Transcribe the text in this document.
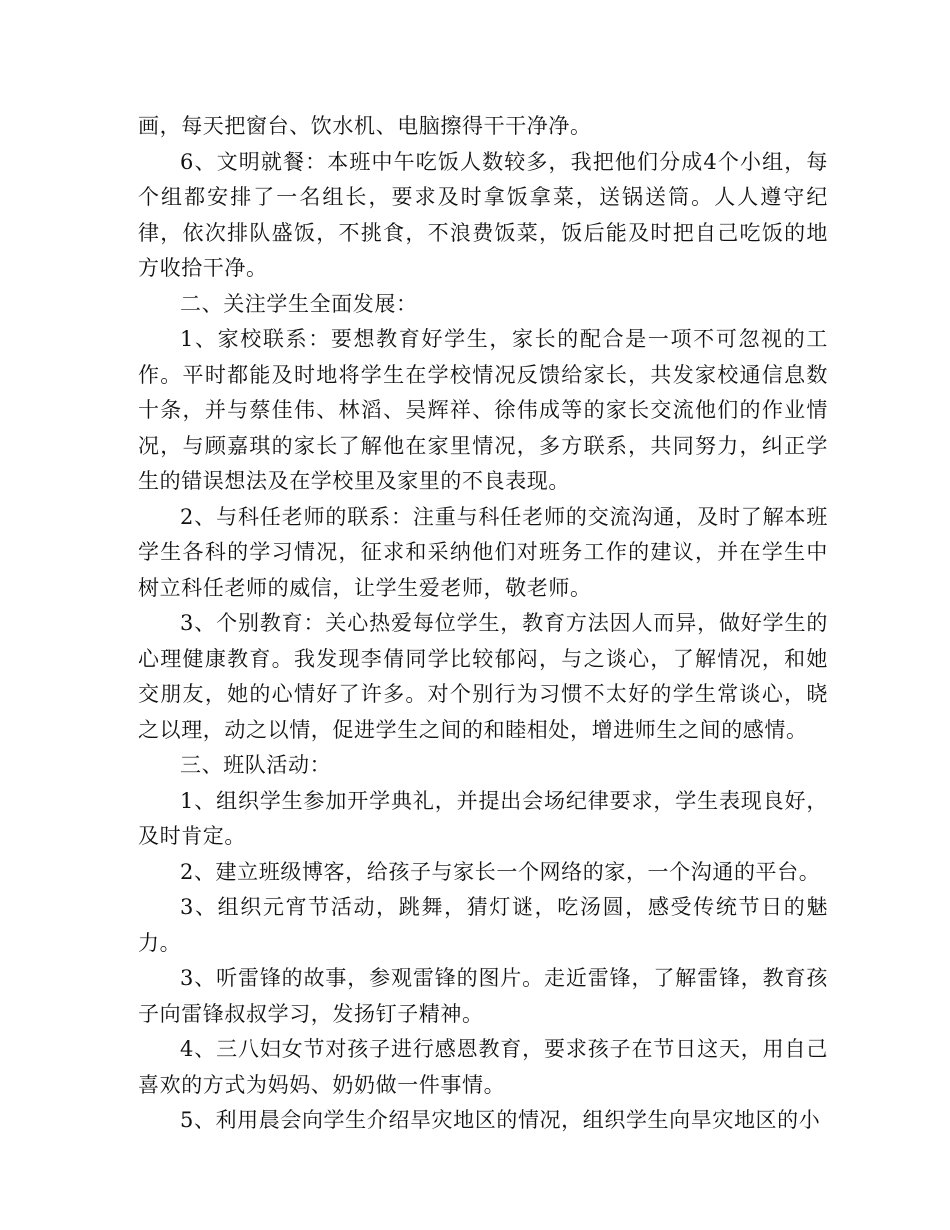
画，每天把窗台、饮水机、电脑擦得干干净净。

6、文明就餐：本班中午吃饭人数较多，我把他们分成4个小组，每个组都安排了一名组长，要求及时拿饭拿菜，送锅送筒。人人遵守纪律，依次排队盛饭，不挑食，不浪费饭菜，饭后能及时把自己吃饭的地方收拾干净。

二、关注学生全面发展：

1、家校联系：要想教育好学生，家长的配合是一项不可忽视的工作。平时都能及时地将学生在学校情况反馈给家长，共发家校通信息数十条，并与蔡佳伟、林滔、吴辉祥、徐伟成等的家长交流他们的作业情况，与顾嘉琪的家长了解他在家里情况，多方联系，共同努力，纠正学生的错误想法及在学校里及家里的不良表现。

2、与科任老师的联系：注重与科任老师的交流沟通，及时了解本班学生各科的学习情况，征求和采纳他们对班务工作的建议，并在学生中树立科任老师的威信，让学生爱老师，敬老师。

3、个别教育：关心热爱每位学生，教育方法因人而异，做好学生的心理健康教育。我发现李倩同学比较郁闷，与之谈心，了解情况，和她交朋友，她的心情好了许多。对个别行为习惯不太好的学生常谈心，晓之以理，动之以情，促进学生之间的和睦相处，增进师生之间的感情。

三、班队活动：

1、组织学生参加开学典礼，并提出会场纪律要求，学生表现良好，及时肯定。

2、建立班级博客，给孩子与家长一个网络的家，一个沟通的平台。

3、组织元宵节活动，跳舞，猜灯谜，吃汤圆，感受传统节日的魅力。

3、听雷锋的故事，参观雷锋的图片。走近雷锋，了解雷锋，教育孩子向雷锋叔叔学习，发扬钉子精神。

4、三八妇女节对孩子进行感恩教育，要求孩子在节日这天，用自己喜欢的方式为妈妈、奶奶做一件事情。

5、利用晨会向学生介绍旱灾地区的情况，组织学生向旱灾地区的小
